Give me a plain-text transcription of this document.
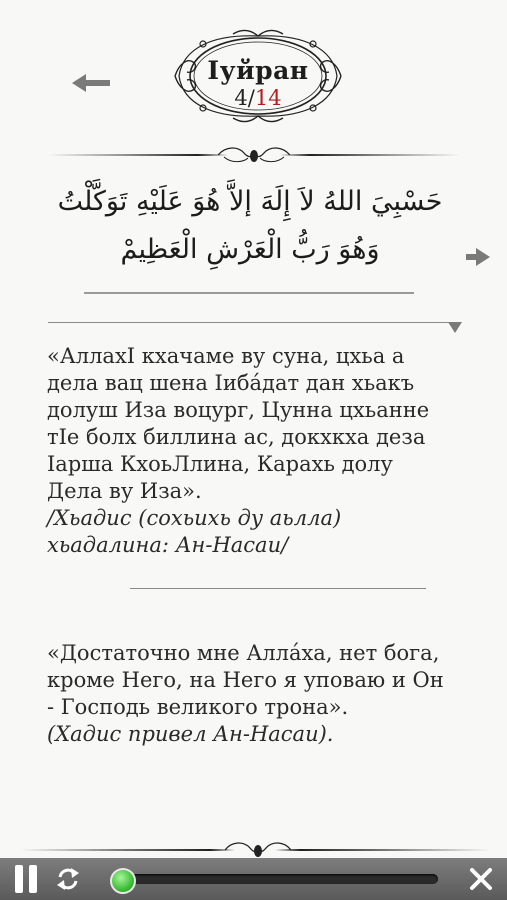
Iуйран
4/14
حَسْبِيَ اللهُ لاَ إِلَهَ إلاَّ هُوَ عَلَيْهِ تَوَكَّلْتُ وَهُوَ رَبُّ الْعَرْشِ الْعَظِيمْ
«АллахI кхачаме ву суна, цхьа а дела вац шена Iибáдат дан хьакъ долуш Иза воцург, Цунна цхьанне тIе болх биллина ас, докхкха деза Iарша КхоьЛлина, Карахь долу Дела ву Иза».
/Хьадис (сохьихь ду аьлла) хьадалина: Ан-Насаи/
«Достаточно мне Алла́ха, нет бога, кроме Него, на Него я уповаю и Он - Господь великого трона».
(Хадис привел Ан-Насаи).
